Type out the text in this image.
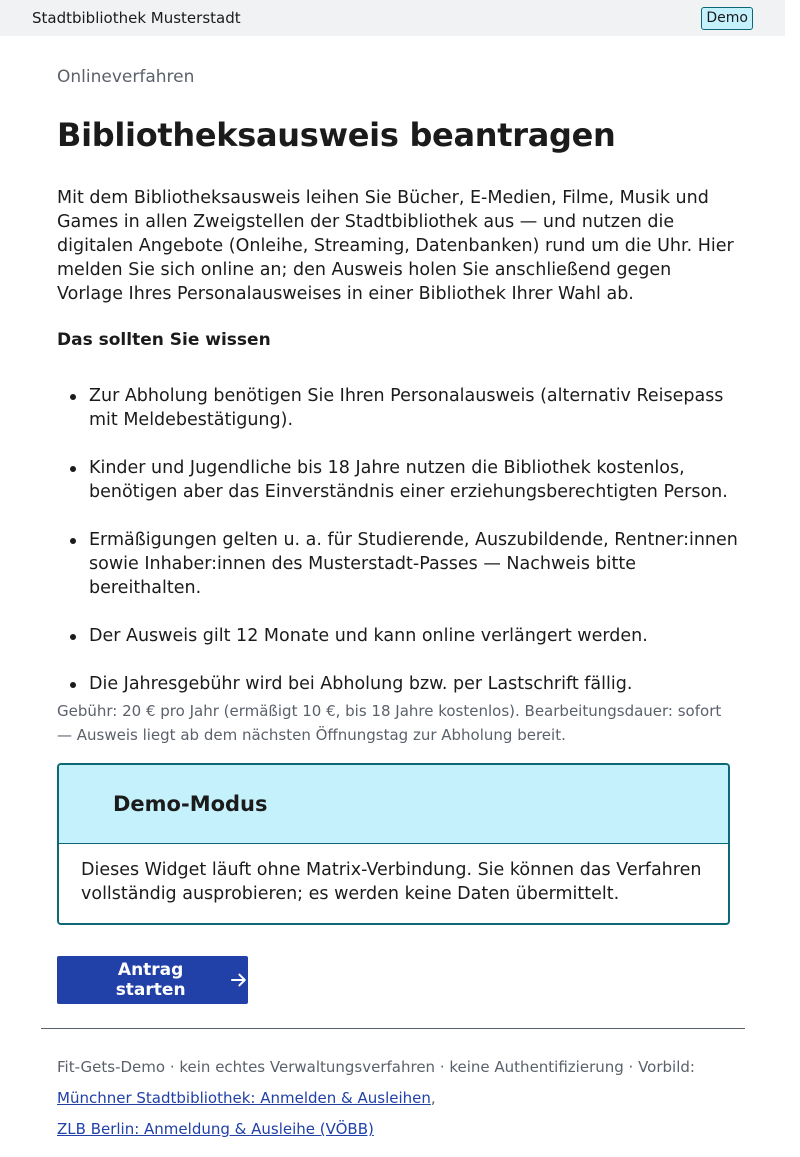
Stadtbibliothek Musterstadt	Demo
Onlineverfahren
Bibliotheksausweis beantragen

Mit dem Bibliotheksausweis leihen Sie Bücher, E-Medien, Filme, Musik und Games in allen Zweigstellen der Stadtbibliothek aus — und nutzen die digitalen Angebote (Onleihe, Streaming, Datenbanken) rund um die Uhr. Hier melden Sie sich online an; den Ausweis holen Sie anschließend gegen Vorlage Ihres Personalausweises in einer Bibliothek Ihrer Wahl ab.

Das sollten Sie wissen
Zur Abholung benötigen Sie Ihren Personalausweis (alternativ Reisepass mit Meldebestätigung).
Kinder und Jugendliche bis 18 Jahre nutzen die Bibliothek kostenlos, benötigen aber das Einverständnis einer erziehungsberechtigten Person.
Ermäßigungen gelten u. a. für Studierende, Auszubildende, Rentner:innen sowie Inhaber:innen des Musterstadt-Passes — Nachweis bitte bereithalten.
Der Ausweis gilt 12 Monate und kann online verlängert werden.
Die Jahresgebühr wird bei Abholung bzw. per Lastschrift fällig.

Gebühr: 20 € pro Jahr (ermäßigt 10 €, bis 18 Jahre kostenlos). Bearbeitungsdauer: sofort — Ausweis liegt ab dem nächsten Öffnungstag zur Abholung bereit.

Demo-Modus
Dieses Widget läuft ohne Matrix-Verbindung. Sie können das Verfahren vollständig ausprobieren; es werden keine Daten übermittelt.
Antrag starten
Fit-Gets-Demo · kein echtes Verwaltungsverfahren · keine Authentifizierung · Vorbild:
Münchner Stadtbibliothek: Anmelden & Ausleihen,
ZLB Berlin: Anmeldung & Ausleihe (VÖBB)
